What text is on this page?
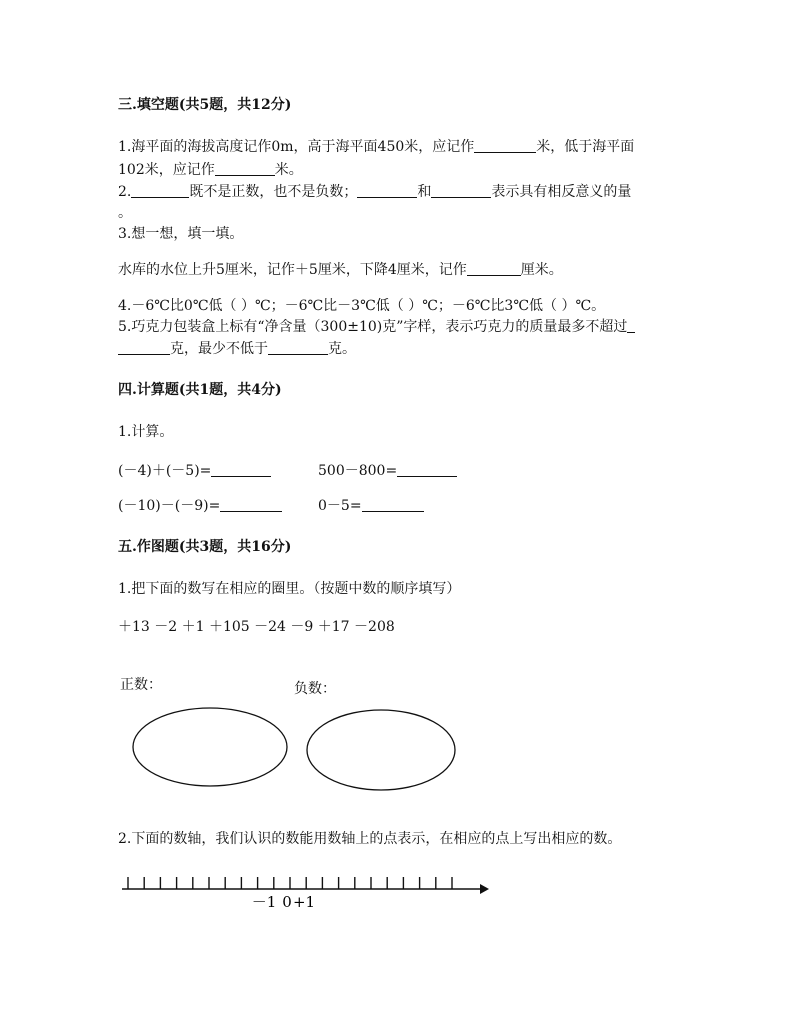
三.填空题(共5题，共12分)
1.海平面的海拔高度记作0m，高于海平面450米，应记作	米，低于海平面
102米，应记作	米。
2.	既不是正数，也不是负数；	和	表示具有相反意义的量
。
3.想一想，填一填。
水库的水位上升5厘米，记作＋5厘米，下降4厘米，记作	厘米。
4.－6℃比0℃低（ ）℃；－6℃比－3℃低（ ）℃；－6℃比3℃低（ ）℃。
5.巧克力包装盒上标有“净含量（300±10)克”字样，表示巧克力的质量最多不超过
克，最少不低于	克。
四.计算题(共1题，共4分)
1.计算。
(－4)＋(－5)=	500－800=
(－10)－(－9)=	0－5=
五.作图题(共3题，共16分)
1.把下面的数写在相应的圈里。（按题中数的顺序填写）
＋13 －2 ＋1 ＋105 －24 －9 ＋17 －208
正数：	负数：
－1 0 +1
2.下面的数轴，我们认识的数能用数轴上的点表示，在相应的点上写出相应的数。
